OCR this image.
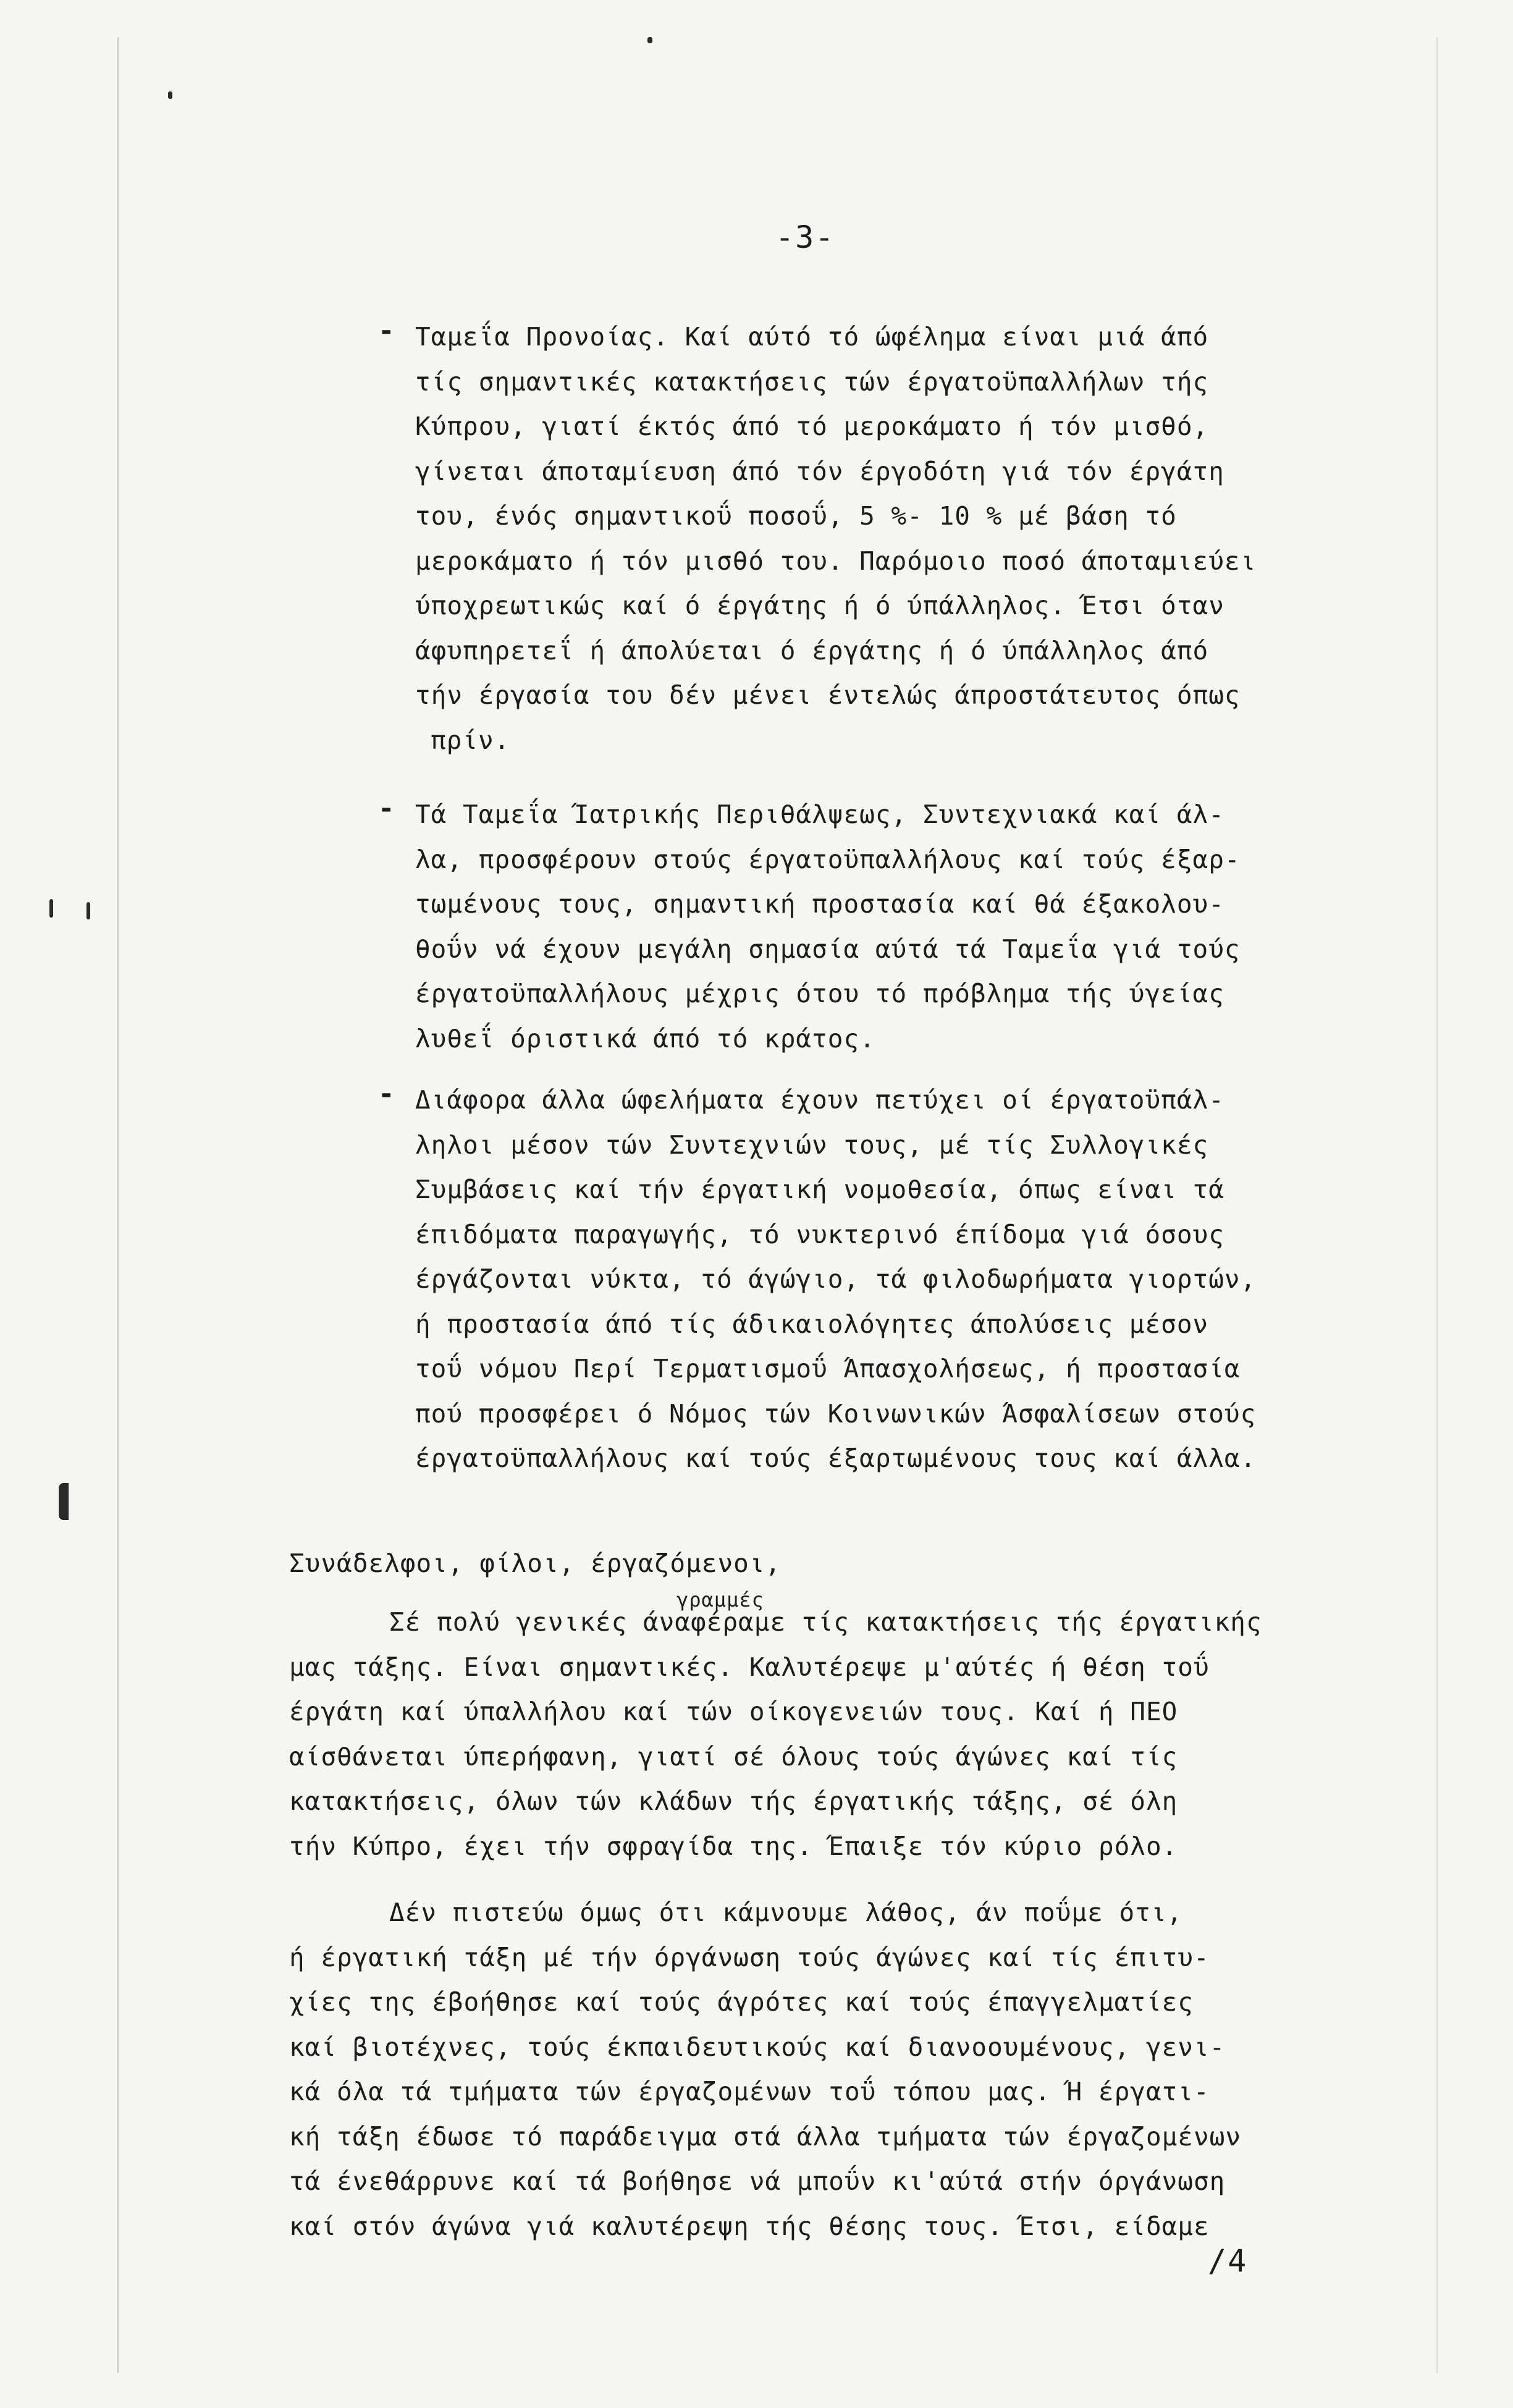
-3-
- Ταμεΐα Προνοίας. Καί αύτό τό ώφέλημα είναι μιά άπό
τίς σημαντικές κατακτήσεις τών έργατοϋπαλλήλων τής
Κύπρου, γιατί έκτός άπό τό μεροκάματο ή τόν μισθό,
γίνεται άποταμίευση άπό τόν έργοδότη γιά τόν έργάτη
του, ένός σημαντικοΰ ποσοΰ, 5 %- 10 % μέ βάση τό
μεροκάματο ή τόν μισθό του. Παρόμοιο ποσό άποταμιεύει
ύποχρεωτικώς καί ό έργάτης ή ό ύπάλληλος. Έτσι όταν
άφυπηρετεΐ ή άπολύεται ό έργάτης ή ό ύπάλληλος άπό
τήν έργασία του δέν μένει έντελώς άπροστάτευτος όπως
πρίν.
- Τά Ταμεΐα Ίατρικής Περιθάλψεως, Συντεχνιακά καί άλ-
λα, προσφέρουν στούς έργατοϋπαλλήλους καί τούς έξαρ-
τωμένους τους, σημαντική προστασία καί θά έξακολου-
θοΰν νά έχουν μεγάλη σημασία αύτά τά Ταμεΐα γιά τούς
έργατοϋπαλλήλους μέχρις ότου τό πρόβλημα τής ύγείας
λυθεΐ όριστικά άπό τό κράτος.
- Διάφορα άλλα ώφελήματα έχουν πετύχει οί έργατοϋπάλ-
ληλοι μέσον τών Συντεχνιών τους, μέ τίς Συλλογικές
Συμβάσεις καί τήν έργατική νομοθεσία, όπως είναι τά
έπιδόματα παραγωγής, τό νυκτερινό έπίδομα γιά όσους
έργάζονται νύκτα, τό άγώγιο, τά φιλοδωρήματα γιορτών,
ή προστασία άπό τίς άδικαιολόγητες άπολύσεις μέσον
τοΰ νόμου Περί Τερματισμοΰ Άπασχολήσεως, ή προστασία
πού προσφέρει ό Νόμος τών Κοινωνικών Άσφαλίσεων στούς
έργατοϋπαλλήλους καί τούς έξαρτωμένους τους καί άλλα.
Συνάδελφοι, φίλοι, έργαζόμενοι,
γραμμές
Σέ πολύ γενικές άναφέραμε τίς κατακτήσεις τής έργατικής
μας τάξης. Είναι σημαντικές. Καλυτέρεψε μ'αύτές ή θέση τοΰ
έργάτη καί ύπαλλήλου καί τών οίκογενειών τους. Καί ή ΠΕΟ
αίσθάνεται ύπερήφανη, γιατί σέ όλους τούς άγώνες καί τίς
κατακτήσεις, όλων τών κλάδων τής έργατικής τάξης, σέ όλη
τήν Κύπρο, έχει τήν σφραγίδα της. Έπαιξε τόν κύριο ρόλο.
Δέν πιστεύω όμως ότι κάμνουμε λάθος, άν ποΰμε ότι,
ή έργατική τάξη μέ τήν όργάνωση τούς άγώνες καί τίς έπιτυ-
χίες της έβοήθησε καί τούς άγρότες καί τούς έπαγγελματίες
καί βιοτέχνες, τούς έκπαιδευτικούς καί διανοουμένους, γενι-
κά όλα τά τμήματα τών έργαζομένων τοΰ τόπου μας. Ή έργατι-
κή τάξη έδωσε τό παράδειγμα στά άλλα τμήματα τών έργαζομένων
τά ένεθάρρυνε καί τά βοήθησε νά μποΰν κι'αύτά στήν όργάνωση
καί στόν άγώνα γιά καλυτέρεψη τής θέσης τους. Έτσι, είδαμε
/4
